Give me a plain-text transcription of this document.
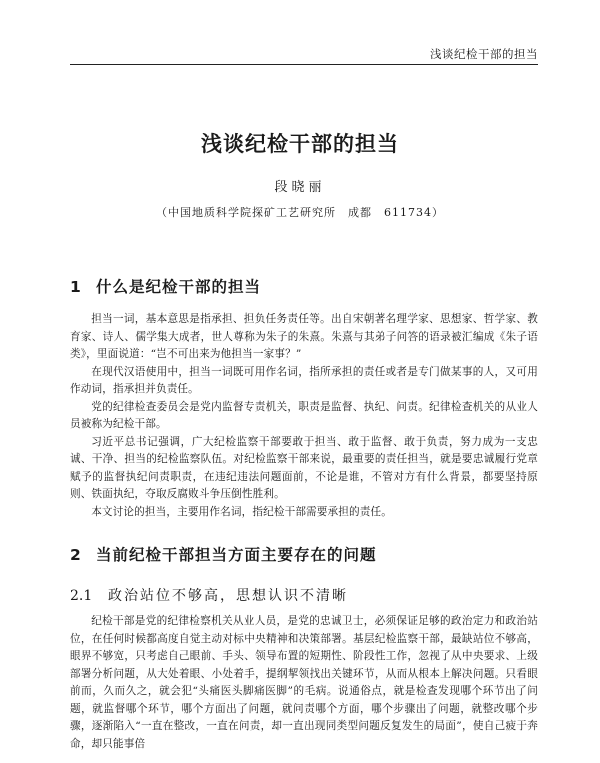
浅谈纪检干部的担当
浅谈纪检干部的担当
段晓丽
（中国地质科学院探矿工艺研究所　成都　611734）
1 什么是纪检干部的担当

担当一词，基本意思是指承担、担负任务责任等。出自宋朝著名理学家、思想家、哲学家、教育家、诗人、儒学集大成者，世人尊称为朱子的朱熹。朱熹与其弟子问答的语录被汇编成《朱子语类》，里面说道：“岂不可出来为他担当一家事？”

在现代汉语使用中，担当一词既可用作名词，指所承担的责任或者是专门做某事的人，又可用作动词，指承担并负责任。

党的纪律检查委员会是党内监督专责机关，职责是监督、执纪、问责。纪律检查机关的从业人员被称为纪检干部。

习近平总书记强调，广大纪检监察干部要敢于担当、敢于监督、敢于负责，努力成为一支忠诚、干净、担当的纪检监察队伍。对纪检监察干部来说，最重要的责任担当，就是要忠诚履行党章赋予的监督执纪问责职责，在违纪违法问题面前，不论是谁，不管对方有什么背景，都要坚持原则、铁面执纪，夺取反腐败斗争压倒性胜利。

本文讨论的担当，主要用作名词，指纪检干部需要承担的责任。

2 当前纪检干部担当方面主要存在的问题
2.1 政治站位不够高，思想认识不清晰

纪检干部是党的纪律检察机关从业人员，是党的忠诚卫士，必须保证足够的政治定力和政治站位，在任何时候都高度自觉主动对标中央精神和决策部署。基层纪检监察干部，最缺站位不够高，眼界不够宽，只考虑自己眼前、手头、领导布置的短期性、阶段性工作，忽视了从中央要求、上级部署分析问题，从大处着眼、小处着手，提纲挈领找出关键环节，从而从根本上解决问题。只看眼前而，久而久之，就会犯“头痛医头脚痛医脚”的毛病。说通俗点，就是检查发现哪个环节出了问题，就监督哪个环节，哪个方面出了问题，就问责哪个方面，哪个步骤出了问题，就整改哪个步骤，逐渐陷入“一直在整改，一直在问责，却一直出现同类型问题反复发生的局面”，使自己疲于奔命，却只能事倍
